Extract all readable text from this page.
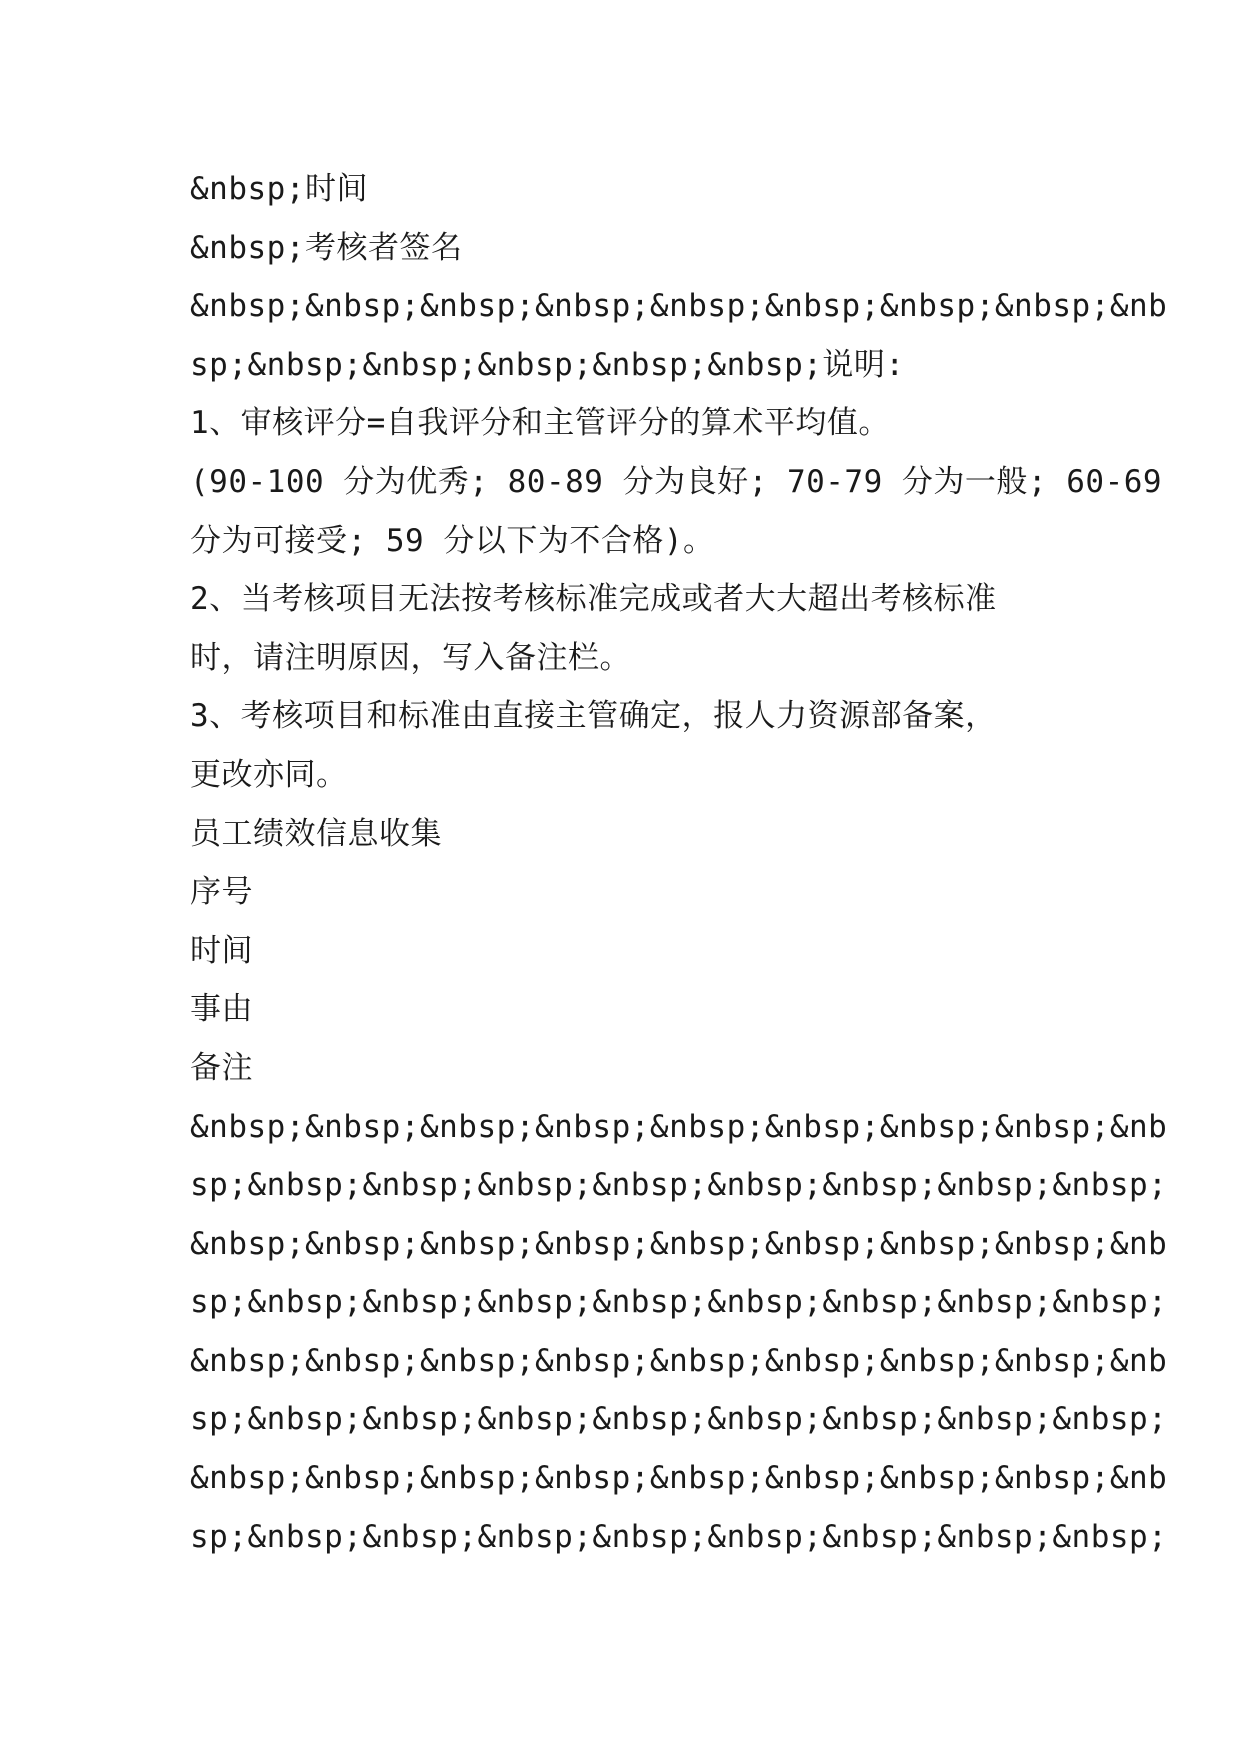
&nbsp;时间
&nbsp;考核者签名
&nbsp;&nbsp;&nbsp;&nbsp;&nbsp;&nbsp;&nbsp;&nbsp;&nb
sp;&nbsp;&nbsp;&nbsp;&nbsp;&nbsp;说明:
1、审核评分=自我评分和主管评分的算术平均值。
(90-100 分为优秀; 80-89 分为良好; 70-79 分为一般; 60-69
分为可接受; 59 分以下为不合格)。
2、当考核项目无法按考核标准完成或者大大超出考核标准
时，请注明原因，写入备注栏。
3、考核项目和标准由直接主管确定，报人力资源部备案，
更改亦同。
员工绩效信息收集
序号
时间
事由
备注
&nbsp;&nbsp;&nbsp;&nbsp;&nbsp;&nbsp;&nbsp;&nbsp;&nb
sp;&nbsp;&nbsp;&nbsp;&nbsp;&nbsp;&nbsp;&nbsp;&nbsp;
&nbsp;&nbsp;&nbsp;&nbsp;&nbsp;&nbsp;&nbsp;&nbsp;&nb
sp;&nbsp;&nbsp;&nbsp;&nbsp;&nbsp;&nbsp;&nbsp;&nbsp;
&nbsp;&nbsp;&nbsp;&nbsp;&nbsp;&nbsp;&nbsp;&nbsp;&nb
sp;&nbsp;&nbsp;&nbsp;&nbsp;&nbsp;&nbsp;&nbsp;&nbsp;
&nbsp;&nbsp;&nbsp;&nbsp;&nbsp;&nbsp;&nbsp;&nbsp;&nb
sp;&nbsp;&nbsp;&nbsp;&nbsp;&nbsp;&nbsp;&nbsp;&nbsp;
